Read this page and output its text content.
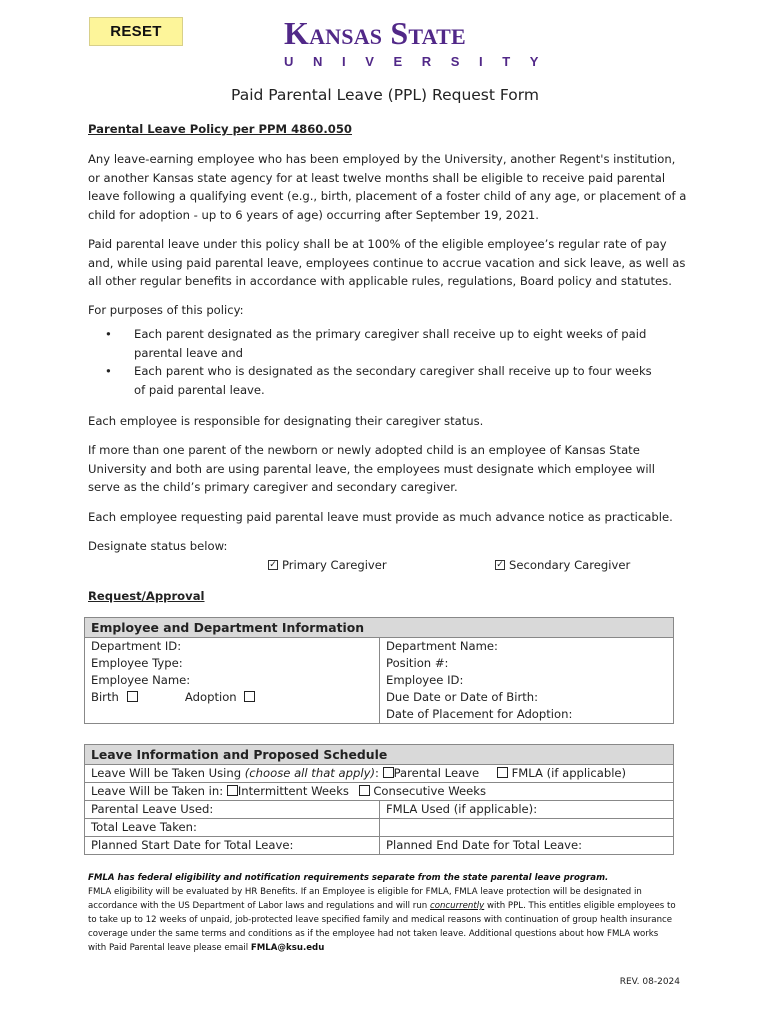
RESET	Kansas State
UNIVERSITY
Paid Parental Leave (PPL) Request Form
Parental Leave Policy per PPM 4860.050
Any leave-earning employee who has been employed by the University, another Regent's institution, or another Kansas state agency for at least twelve months shall be eligible to receive paid parental leave following a qualifying event (e.g., birth, placement of a foster child of any age, or placement of a child for adoption - up to 6 years of age) occurring after September 19, 2021.
Paid parental leave under this policy shall be at 100% of the eligible employee’s regular rate of pay and, while using paid parental leave, employees continue to accrue vacation and sick leave, as well as all other regular benefits in accordance with applicable rules, regulations, Board policy and statutes.
For purposes of this policy:
• Each parent designated as the primary caregiver shall receive up to eight weeks of paid parental leave and
• Each parent who is designated as the secondary caregiver shall receive up to four weeks of paid parental leave.
Each employee is responsible for designating their caregiver status.
If more than one parent of the newborn or newly adopted child is an employee of Kansas State University and both are using parental leave, the employees must designate which employee will serve as the child’s primary caregiver and secondary caregiver.
Each employee requesting paid parental leave must provide as much advance notice as practicable.
Designate status below:
✓ Primary Caregiver	✓ Secondary Caregiver
Request/Approval
Employee and Department Information	
Department ID:	Department Name:
Employee Type:	Position #:
Employee Name:	Employee ID:
Birth Adoption	Due Date or Date of Birth:
	Date of Placement for Adoption:
Leave Information and Proposed Schedule	
Leave Will be Taken Using (choose all that apply): Parental Leave FMLA (if applicable)	
Leave Will be Taken in: Intermittent Weeks Consecutive Weeks	
Parental Leave Used:	FMLA Used (if applicable):
Total Leave Taken:	
Planned Start Date for Total Leave:	Planned End Date for Total Leave:
FMLA has federal eligibility and notification requirements separate from the state parental leave program.
FMLA eligibility will be evaluated by HR Benefits. If an Employee is eligible for FMLA, FMLA leave protection will be designated in accordance with the US Department of Labor laws and regulations and will run concurrently with PPL. This entitles eligible employees to to take up to 12 weeks of unpaid, job-protected leave specified family and medical reasons with continuation of group health insurance coverage under the same terms and conditions as if the employee had not taken leave. Additional questions about how FMLA works with Paid Parental leave please email FMLA@ksu.edu
REV. 08-2024
